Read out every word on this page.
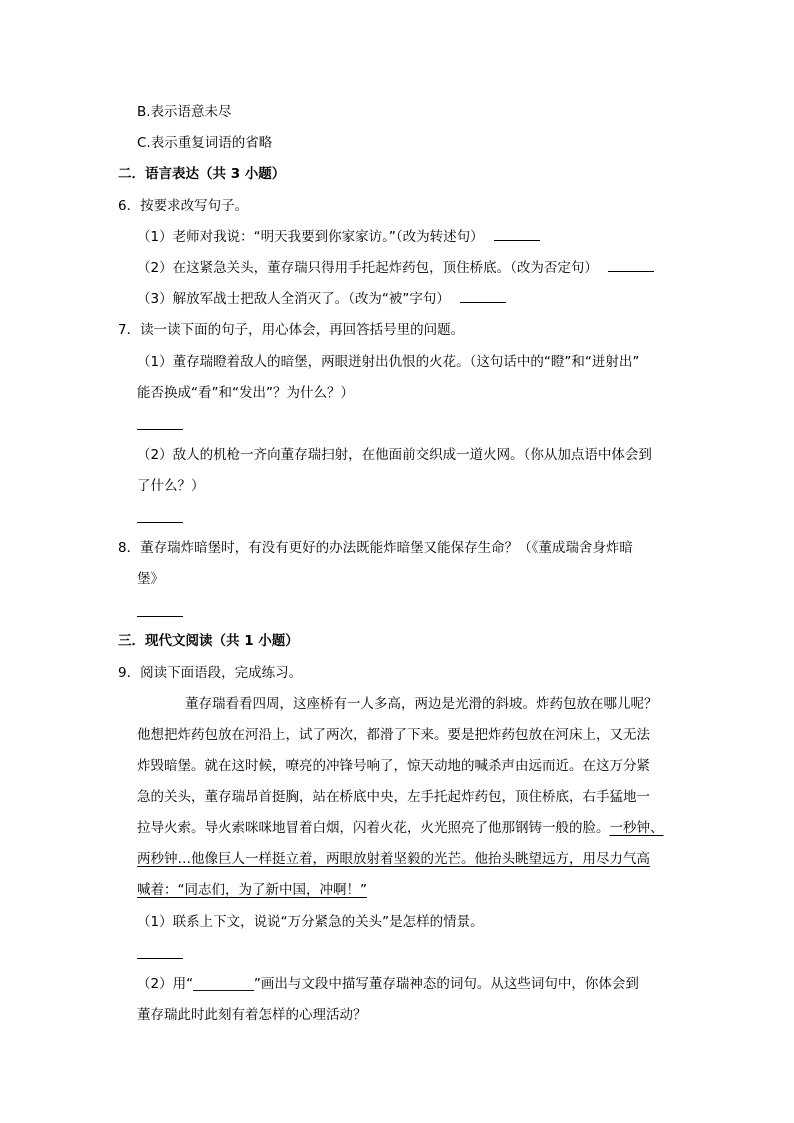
B.表示语意未尽
C.表示重复词语的省略
二．语言表达（共 3 小题）
6．按要求改写句子。
（1）老师对我说：“明天我要到你家家访。”（改为转述句）
（2）在这紧急关头，董存瑞只得用手托起炸药包，顶住桥底。（改为否定句）
（3）解放军战士把敌人全消灭了。（改为“被”字句）
7．读一读下面的句子，用心体会，再回答括号里的问题。
（1）董存瑞瞪着敌人的暗堡，两眼迸射出仇恨的火花。（这句话中的“瞪”和“迸射出”
能否换成“看”和“发出”？为什么？）
（2）敌人的机枪一齐向董存瑞扫射，在他面前交织成一道火网。（你从加点语中体会到
了什么？）
8．董存瑞炸暗堡时，有没有更好的办法既能炸暗堡又能保存生命？（《董成瑞舍身炸暗
堡》
三．现代文阅读（共 1 小题）
9．阅读下面语段，完成练习。
董存瑞看看四周，这座桥有一人多高，两边是光滑的斜坡。炸药包放在哪儿呢？
他想把炸药包放在河沿上，试了两次，都滑了下来。要是把炸药包放在河床上，又无法
炸毁暗堡。就在这时候，嘹亮的冲锋号响了，惊天动地的喊杀声由远而近。在这万分紧
急的关头，董存瑞昂首挺胸，站在桥底中央，左手托起炸药包，顶住桥底，右手猛地一
拉导火索。导火索咪咪地冒着白烟，闪着火花，火光照亮了他那钢铸一般的脸。一秒钟、
两秒钟…他像巨人一样挺立着，两眼放射着坚毅的光芒。他抬头眺望远方，用尽力气高
喊着：“同志们，为了新中国，冲啊！”
（1）联系上下文，说说“万分紧急的关头”是怎样的情景。
（2）用“_________”画出与文段中描写董存瑞神态的词句。从这些词句中，你体会到
董存瑞此时此刻有着怎样的心理活动？
